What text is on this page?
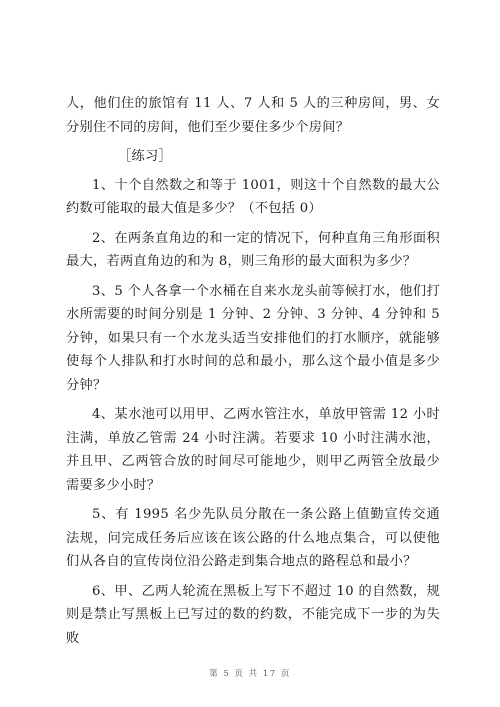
人，他们住的旅馆有 11 人、7 人和 5 人的三种房间，男、女分别住不同的房间，他们至少要住多少个房间？

［练习］

1、十个自然数之和等于 1001，则这十个自然数的最大公约数可能取的最大值是多少？（不包括 0）

2、在两条直角边的和一定的情况下，何种直角三角形面积最大，若两直角边的和为 8，则三角形的最大面积为多少？

3、5 个人各拿一个水桶在自来水龙头前等候打水，他们打水所需要的时间分别是 1 分钟、2 分钟、3 分钟、4 分钟和 5 分钟，如果只有一个水龙头适当安排他们的打水顺序，就能够使每个人排队和打水时间的总和最小，那么这个最小值是多少分钟？

4、某水池可以用甲、乙两水管注水，单放甲管需 12 小时注满，单放乙管需 24 小时注满。若要求 10 小时注满水池，并且甲、乙两管合放的时间尽可能地少，则甲乙两管全放最少需要多少小时？

5、有 1995 名少先队员分散在一条公路上值勤宣传交通法规，问完成任务后应该在该公路的什么地点集合，可以使他们从各自的宣传岗位沿公路走到集合地点的路程总和最小？

6、甲、乙两人轮流在黑板上写下不超过 10 的自然数，规则是禁止写黑板上已写过的数的约数，不能完成下一步的为失败

第 5 页 共 17 页
